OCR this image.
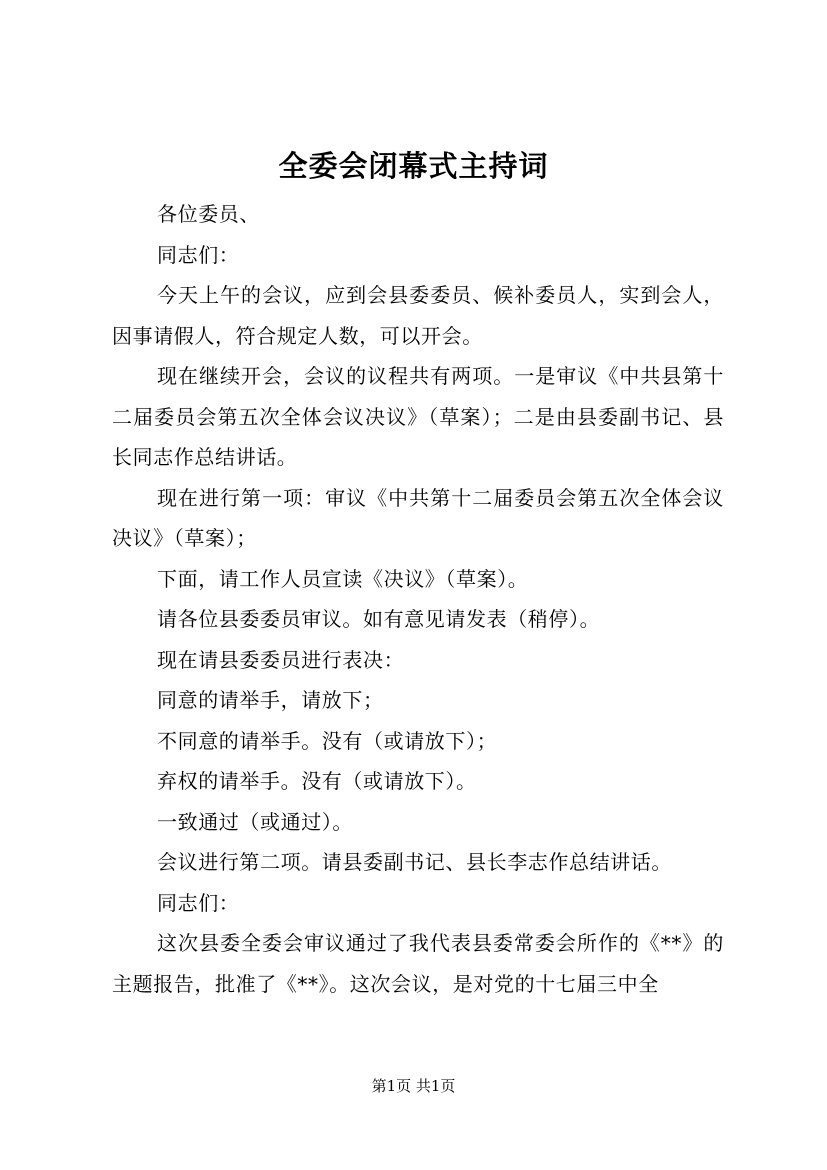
全委会闭幕式主持词

各位委员、

同志们：

今天上午的会议，应到会县委委员、候补委员人，实到会人，因事请假人，符合规定人数，可以开会。

现在继续开会，会议的议程共有两项。一是审议《中共县第十二届委员会第五次全体会议决议》（草案）；二是由县委副书记、县长同志作总结讲话。

现在进行第一项：审议《中共第十二届委员会第五次全体会议决议》（草案）；

下面，请工作人员宣读《决议》（草案）。

请各位县委委员审议。如有意见请发表（稍停）。

现在请县委委员进行表决：

同意的请举手，请放下；

不同意的请举手。没有（或请放下）；

弃权的请举手。没有（或请放下）。

一致通过（或通过）。

会议进行第二项。请县委副书记、县长李志作总结讲话。

同志们：

这次县委全委会审议通过了我代表县委常委会所作的《**》的主题报告，批准了《**》。这次会议，是对党的十七届三中全

第1页 共1页
